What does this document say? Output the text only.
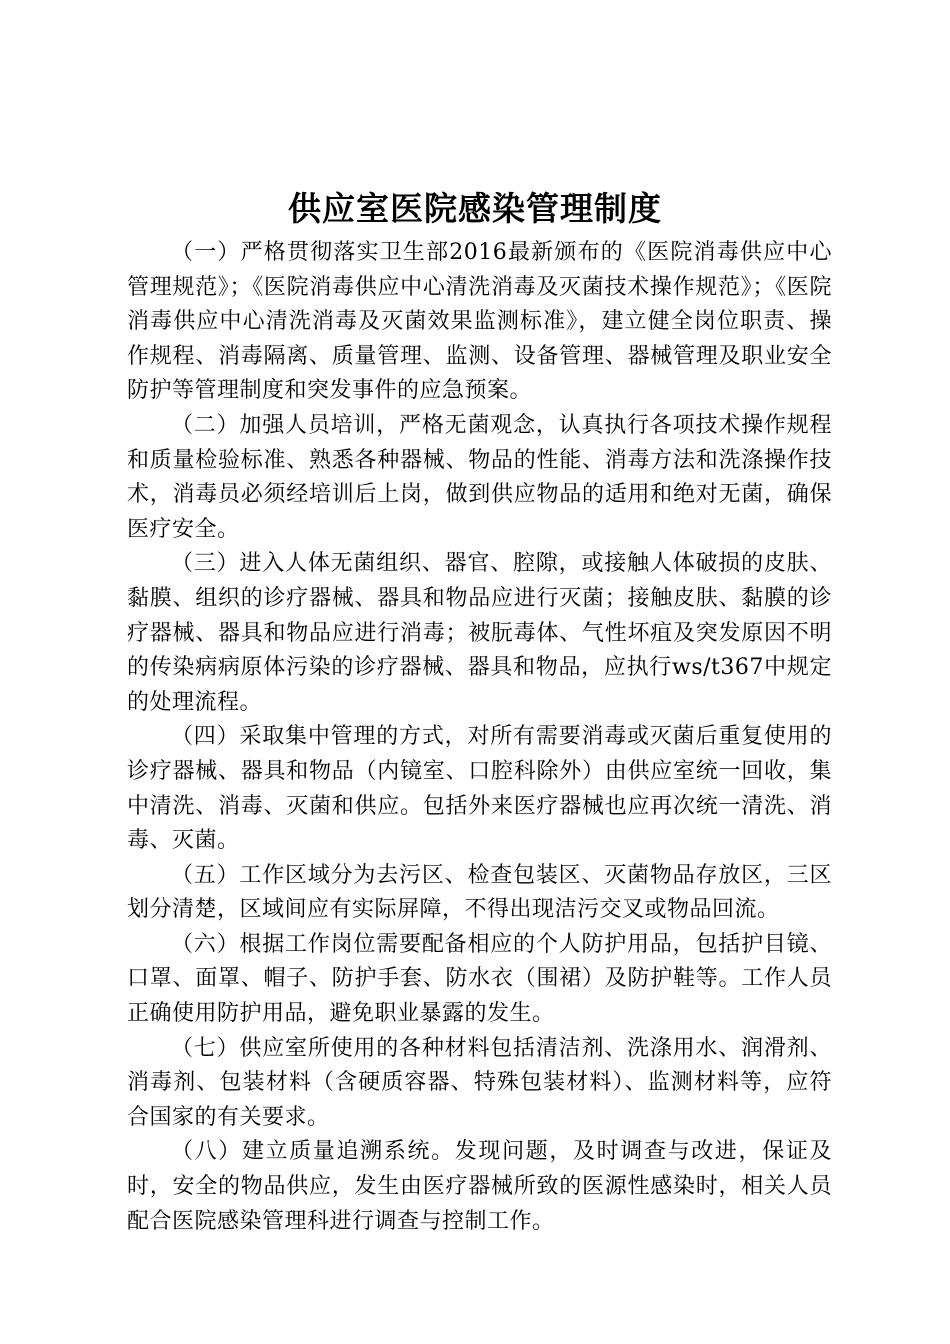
供应室医院感染管理制度

（一）严格贯彻落实卫生部2016最新颁布的《医院消毒供应中心管理规范》；《医院消毒供应中心清洗消毒及灭菌技术操作规范》；《医院消毒供应中心清洗消毒及灭菌效果监测标准》，建立健全岗位职责、操作规程、消毒隔离、质量管理、监测、设备管理、器械管理及职业安全防护等管理制度和突发事件的应急预案。

（二）加强人员培训，严格无菌观念，认真执行各项技术操作规程和质量检验标准、熟悉各种器械、物品的性能、消毒方法和洗涤操作技术，消毒员必须经培训后上岗，做到供应物品的适用和绝对无菌，确保医疗安全。

（三）进入人体无菌组织、器官、腔隙，或接触人体破损的皮肤、黏膜、组织的诊疗器械、器具和物品应进行灭菌；接触皮肤、黏膜的诊疗器械、器具和物品应进行消毒；被朊毒体、气性坏疽及突发原因不明的传染病病原体污染的诊疗器械、器具和物品，应执行ws/t367中规定的处理流程。

（四）采取集中管理的方式，对所有需要消毒或灭菌后重复使用的诊疗器械、器具和物品（内镜室、口腔科除外）由供应室统一回收，集中清洗、消毒、灭菌和供应。包括外来医疗器械也应再次统一清洗、消毒、灭菌。

（五）工作区域分为去污区、检查包装区、灭菌物品存放区，三区划分清楚，区域间应有实际屏障，不得出现洁污交叉或物品回流。

（六）根据工作岗位需要配备相应的个人防护用品，包括护目镜、口罩、面罩、帽子、防护手套、防水衣（围裙）及防护鞋等。工作人员正确使用防护用品，避免职业暴露的发生。

（七）供应室所使用的各种材料包括清洁剂、洗涤用水、润滑剂、消毒剂、包装材料（含硬质容器、特殊包装材料）、监测材料等，应符合国家的有关要求。

（八）建立质量追溯系统。发现问题，及时调查与改进，保证及时，安全的物品供应，发生由医疗器械所致的医源性感染时，相关人员配合医院感染管理科进行调查与控制工作。
